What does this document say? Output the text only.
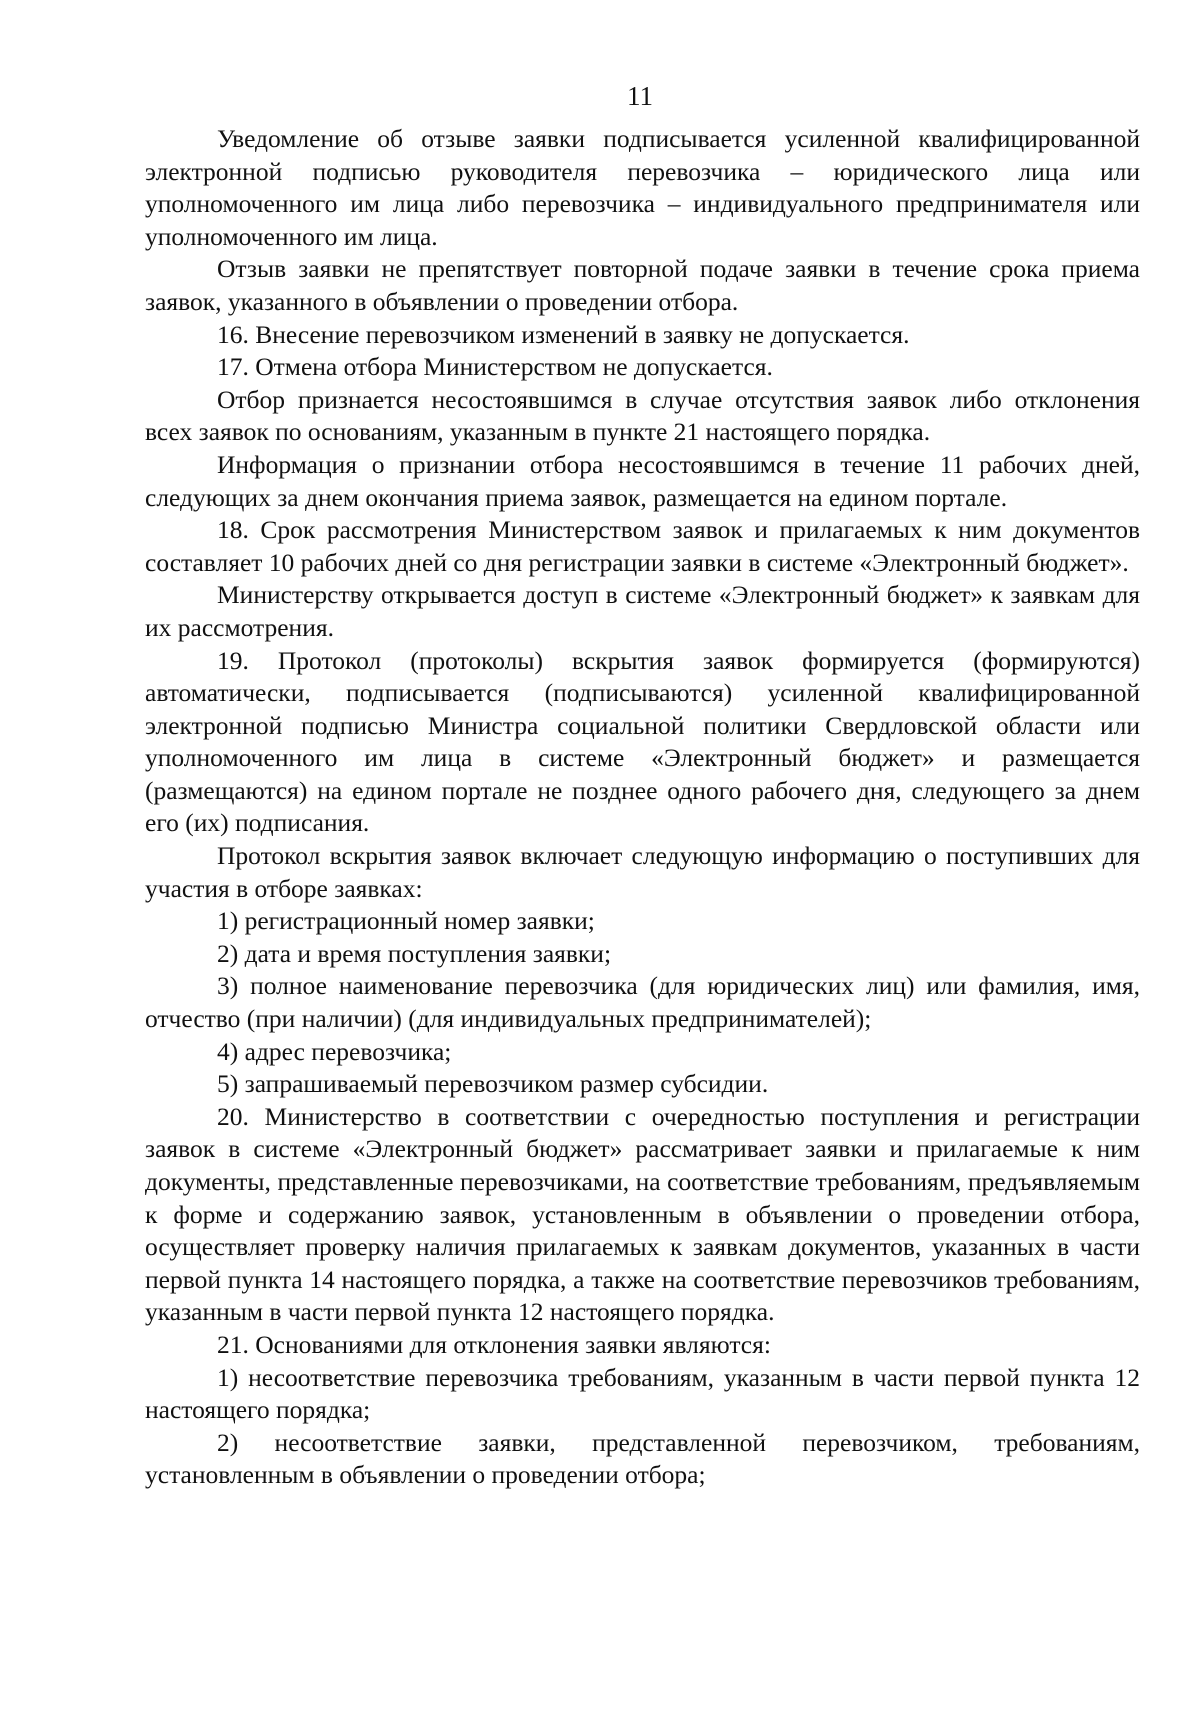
11

Уведомление об отзыве заявки подписывается усиленной квалифицированной электронной подписью руководителя перевозчика – юридического лица или уполномоченного им лица либо перевозчика – индивидуального предпринимателя или уполномоченного им лица.

Отзыв заявки не препятствует повторной подаче заявки в течение срока приема заявок, указанного в объявлении о проведении отбора.

16. Внесение перевозчиком изменений в заявку не допускается.

17. Отмена отбора Министерством не допускается.

Отбор признается несостоявшимся в случае отсутствия заявок либо отклонения всех заявок по основаниям, указанным в пункте 21 настоящего порядка.

Информация о признании отбора несостоявшимся в течение 11 рабочих дней, следующих за днем окончания приема заявок, размещается на едином портале.

18. Срок рассмотрения Министерством заявок и прилагаемых к ним документов составляет 10 рабочих дней со дня регистрации заявки в системе «Электронный бюджет».

Министерству открывается доступ в системе «Электронный бюджет» к заявкам для их рассмотрения.

19. Протокол (протоколы) вскрытия заявок формируется (формируются) автоматически, подписывается (подписываются) усиленной квалифицированной электронной подписью Министра социальной политики Свердловской области или уполномоченного им лица в системе «Электронный бюджет» и размещается (размещаются) на едином портале не позднее одного рабочего дня, следующего за днем его (их) подписания.

Протокол вскрытия заявок включает следующую информацию о поступивших для участия в отборе заявках:

1) регистрационный номер заявки;

2) дата и время поступления заявки;

3) полное наименование перевозчика (для юридических лиц) или фамилия, имя, отчество (при наличии) (для индивидуальных предпринимателей);

4) адрес перевозчика;

5) запрашиваемый перевозчиком размер субсидии.

20. Министерство в соответствии с очередностью поступления и регистрации заявок в системе «Электронный бюджет» рассматривает заявки и прилагаемые к ним документы, представленные перевозчиками, на соответствие требованиям, предъявляемым к форме и содержанию заявок, установленным в объявлении о проведении отбора, осуществляет проверку наличия прилагаемых к заявкам документов, указанных в части первой пункта 14 настоящего порядка, а также на соответствие перевозчиков требованиям, указанным в части первой пункта 12 настоящего порядка.

21. Основаниями для отклонения заявки являются:

1) несоответствие перевозчика требованиям, указанным в части первой пункта 12 настоящего порядка;

2) несоответствие заявки, представленной перевозчиком, требованиям, установленным в объявлении о проведении отбора;
